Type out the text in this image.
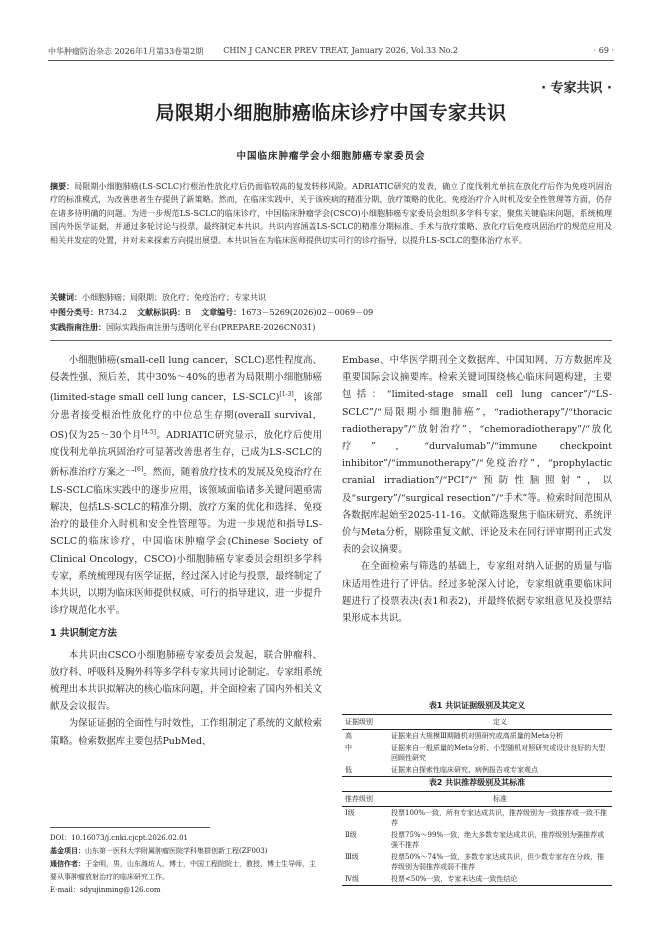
中华肿瘤防治杂志 2026年1月第33卷第2期	CHIN J CANCER PREV TREAT, January 2026, Vol.33 No.2	· 69 ·
· 专家共识 ·
局限期小细胞肺癌临床诊疗中国专家共识
中国临床肿瘤学会小细胞肺癌专家委员会
摘要：局限期小细胞肺癌(LS-SCLC)行根治性放化疗后仍面临较高的复发转移风险。ADRIATIC研究的发表，确立了度伐利尤单抗在放化疗后作为免疫巩固治疗的标准模式，为改善患者生存提供了新策略。然而，在临床实践中，关于该疾病的精准分期、放疗策略的优化、免疫治疗介入时机及安全性管理等方面，仍存在诸多待明确的问题。为进一步规范LS-SCLC的临床诊疗，中国临床肿瘤学会(CSCO)小细胞肺癌专家委员会组织多学科专家，聚焦关键临床问题，系统梳理国内外医学证据，并通过多轮讨论与投票，最终制定本共识。共识内容涵盖LS-SCLC的精准分期标准、手术与放疗策略、放化疗后免疫巩固治疗的规范应用及相关并发症的处置，并对未来探索方向提出展望。本共识旨在为临床医师提供切实可行的诊疗指导，以提升LS-SCLC的整体治疗水平。
关键词：小细胞肺癌；局限期；放化疗；免疫治疗；专家共识
中图分类号：R734.2 文献标识码：B 文章编号：1673－5269(2026)02－0069－09
实践指南注册：国际实践指南注册与透明化平台(PREPARE-2026CN031)

小细胞肺癌(small-cell lung cancer，SCLC)恶性程度高、侵袭性强、预后差，其中30%～40%的患者为局限期小细胞肺癌(limited-stage small cell lung cancer，LS-SCLC)[1-3]，该部分患者接受根治性放化疗的中位总生存期(overall survival，OS)仅为25～30个月[4-5]。ADRIATIC研究显示，放化疗后使用度伐利尤单抗巩固治疗可显著改善患者生存，已成为LS-SCLC的新标准治疗方案之一[6]。然而，随着放疗技术的发展及免疫治疗在LS-SCLC临床实践中的逐步应用，该领域面临诸多关键问题亟需解决，包括LS-SCLC的精准分期、放疗方案的优化和选择、免疫治疗的最佳介入时机和安全性管理等。为进一步规范和指导LS-SCLC的临床诊疗，中国临床肿瘤学会(Chinese Society of Clinical Oncology，CSCO)小细胞肺癌专家委员会组织多学科专家，系统梳理现有医学证据，经过深入讨论与投票，最终制定了本共识，以期为临床医师提供权威、可行的指导建议，进一步提升诊疗规范化水平。

1 共识制定方法

本共识由CSCO小细胞肺癌专家委员会发起，联合肿瘤科、放疗科、呼吸科及胸外科等多学科专家共同讨论制定。专家组系统梳理出本共识拟解决的核心临床问题，并全面检索了国内外相关文献及会议报告。

为保证证据的全面性与时效性，工作组制定了系统的文献检索策略。检索数据库主要包括PubMed、

DOI：10.16073/j.cnki.cjcpt.2026.02.01
基金项目：山东第一医科大学附属肿瘤医院学科集群创新工程(ZF003)
通信作者：于金明，男，山东潍坊人，博士，中国工程院院士，教授，博士生导师，主要从事肿瘤放射治疗的临床研究工作。
E-mail：sdyujinming@126.com

Embase、中华医学期刊全文数据库、中国知网、万方数据库及重要国际会议摘要库。检索关键词围绕核心临床问题构建，主要包括：“limited-stage small cell lung cancer”/“LS-SCLC”/“局限期小细胞肺癌”，“radiotherapy”/“thoracic radiotherapy”/“放射治疗”，“chemoradiotherapy”/“放化疗”，“durvalumab”/“immune checkpoint inhibitor”/“immunotherapy”/“免疫治疗”，“prophylactic cranial irradiation”/“PCI”/“预防性脑照射”，以及“surgery”/“surgical resection”/“手术”等。检索时间范围从各数据库起始至2025-11-16。文献筛选聚焦于临床研究、系统评价与Meta分析，剔除重复文献、评论及未在同行评审期刊正式发表的会议摘要。

在全面检索与筛选的基础上，专家组对纳入证据的质量与临床适用性进行了评估。经过多轮深入讨论，专家组就重要临床问题进行了投票表决(表1和表2)，并最终依据专家组意见及投票结果形成本共识。

表1 共识证据级别及其定义
证据级别	定义
高	证据来自大规模Ⅲ期随机对照研究或高质量的Meta分析
中	证据来自一般质量的Meta分析、小型随机对照研究或设计良好的大型回顾性研究
低	证据来自探索性临床研究、病例报告或专家观点
表2 共识推荐级别及其标准
推荐级别	标准
Ⅰ级	投票100%一致，所有专家达成共识，推荐级别为一致推荐或一致不推荐
Ⅱ级	投票75%～99%一致，绝大多数专家达成共识，推荐级别为强推荐或强不推荐
Ⅲ级	投票50%～74%一致，多数专家达成共识，但少数专家存在分歧，推荐级别为弱推荐或弱不推荐
Ⅳ级	投票<50%一致，专家未达成一致性结论
